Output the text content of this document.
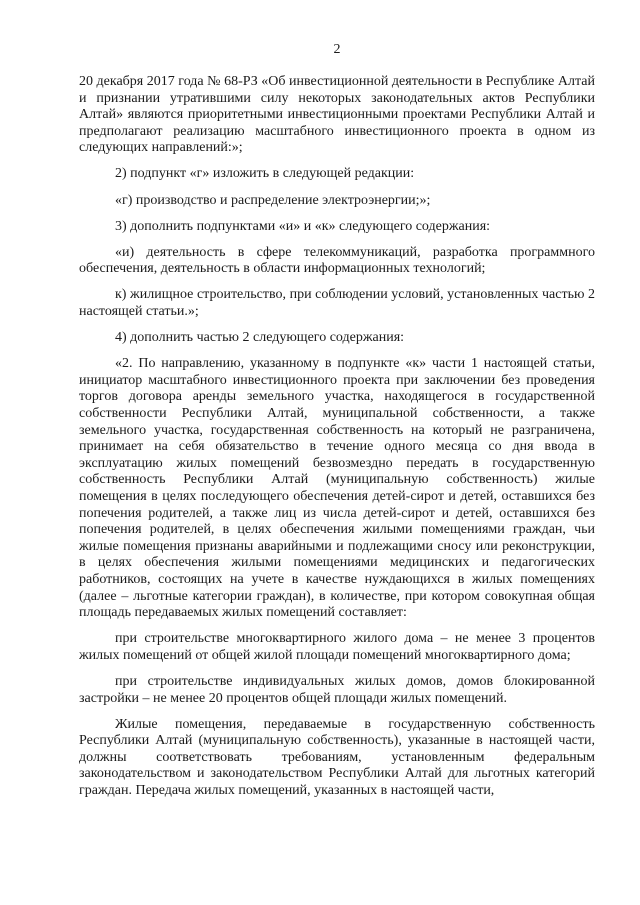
2

20 декабря 2017 года № 68-РЗ «Об инвестиционной деятельности в Республике Алтай и признании утратившими силу некоторых законодательных актов Республики Алтай» являются приоритетными инвестиционными проектами Республики Алтай и предполагают реализацию масштабного инвестиционного проекта в одном из следующих направлений:»;

2) подпункт «г» изложить в следующей редакции:

«г) производство и распределение электроэнергии;»;

3) дополнить подпунктами «и» и «к» следующего содержания:

«и) деятельность в сфере телекоммуникаций, разработка программного обеспечения, деятельность в области информационных технологий;

к) жилищное строительство, при соблюдении условий, установленных частью 2 настоящей статьи.»;

4) дополнить частью 2 следующего содержания:

«2. По направлению, указанному в подпункте «к» части 1 настоящей статьи, инициатор масштабного инвестиционного проекта при заключении без проведения торгов договора аренды земельного участка, находящегося в государственной собственности Республики Алтай, муниципальной собственности, а также земельного участка, государственная собственность на который не разграничена, принимает на себя обязательство в течение одного месяца со дня ввода в эксплуатацию жилых помещений безвозмездно передать в государственную собственность Республики Алтай (муниципальную собственность) жилые помещения в целях последующего обеспечения детей-сирот и детей, оставшихся без попечения родителей, а также лиц из числа детей-сирот и детей, оставшихся без попечения родителей, в целях обеспечения жилыми помещениями граждан, чьи жилые помещения признаны аварийными и подлежащими сносу или реконструкции, в целях обеспечения жилыми помещениями медицинских и педагогических работников, состоящих на учете в качестве нуждающихся в жилых помещениях (далее – льготные категории граждан), в количестве, при котором совокупная общая площадь передаваемых жилых помещений составляет:

при строительстве многоквартирного жилого дома – не менее 3 процентов жилых помещений от общей жилой площади помещений многоквартирного дома;

при строительстве индивидуальных жилых домов, домов блокированной застройки – не менее 20 процентов общей площади жилых помещений.

Жилые помещения, передаваемые в государственную собственность Республики Алтай (муниципальную собственность), указанные в настоящей части, должны соответствовать требованиям, установленным федеральным законодательством и законодательством Республики Алтай для льготных категорий граждан. Передача жилых помещений, указанных в настоящей части,
